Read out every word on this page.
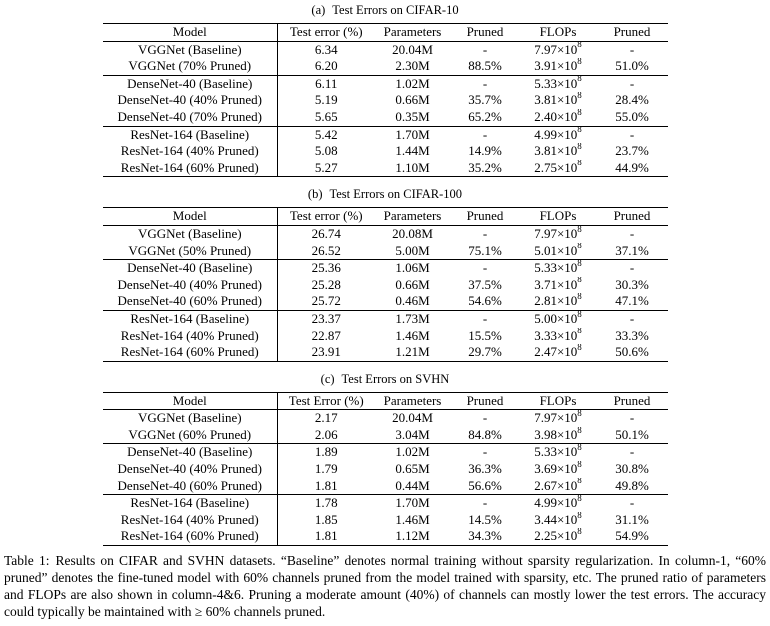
(a) Test Errors on CIFAR-10
Model	Test error (%)	Parameters	Pruned	FLOPs	Pruned
VGGNet (Baseline)	6.34	20.04M	-	$7.97\times 10^8$	-
VGGNet (70% Pruned)	6.20	2.30M	88.5%	$3.91\times 10^8$	51.0%
DenseNet-40 (Baseline)	6.11	1.02M	-	$5.33\times 10^8$	-
DenseNet-40 (40% Pruned)	5.19	0.66M	35.7%	$3.81\times 10^8$	28.4%
DenseNet-40 (70% Pruned)	5.65	0.35M	65.2%	$2.40\times 10^8$	55.0%
ResNet-164 (Baseline)	5.42	1.70M	-	$4.99\times 10^8$	-
ResNet-164 (40% Pruned)	5.08	1.44M	14.9%	$3.81\times 10^8$	23.7%
ResNet-164 (60% Pruned)	5.27	1.10M	35.2%	$2.75\times 10^8$	44.9%
(b) Test Errors on CIFAR-100
Model	Test error (%)	Parameters	Pruned	FLOPs	Pruned
VGGNet (Baseline)	26.74	20.08M	-	$7.97\times 10^8$	-
VGGNet (50% Pruned)	26.52	5.00M	75.1%	$5.01\times 10^8$	37.1%
DenseNet-40 (Baseline)	25.36	1.06M	-	$5.33\times 10^8$	-
DenseNet-40 (40% Pruned)	25.28	0.66M	37.5%	$3.71\times 10^8$	30.3%
DenseNet-40 (60% Pruned)	25.72	0.46M	54.6%	$2.81\times 10^8$	47.1%
ResNet-164 (Baseline)	23.37	1.73M	-	$5.00\times 10^8$	-
ResNet-164 (40% Pruned)	22.87	1.46M	15.5%	$3.33\times 10^8$	33.3%
ResNet-164 (60% Pruned)	23.91	1.21M	29.7%	$2.47\times 10^8$	50.6%
(c) Test Errors on SVHN
Model	Test Error (%)	Parameters	Pruned	FLOPs	Pruned
VGGNet (Baseline)	2.17	20.04M	-	$7.97\times 10^8$	-
VGGNet (60% Pruned)	2.06	3.04M	84.8%	$3.98\times 10^8$	50.1%
DenseNet-40 (Baseline)	1.89	1.02M	-	$5.33\times 10^8$	-
DenseNet-40 (40% Pruned)	1.79	0.65M	36.3%	$3.69\times 10^8$	30.8%
DenseNet-40 (60% Pruned)	1.81	0.44M	56.6%	$2.67\times 10^8$	49.8%
ResNet-164 (Baseline)	1.78	1.70M	-	$4.99\times 10^8$	-
ResNet-164 (40% Pruned)	1.85	1.46M	14.5%	$3.44\times 10^8$	31.1%
ResNet-164 (60% Pruned)	1.81	1.12M	34.3%	$2.25\times 10^8$	54.9%

Table 1: Results on CIFAR and SVHN datasets. “Baseline” denotes normal training without sparsity regularization. In column-1, “60% pruned” denotes the fine-tuned model with 60% channels pruned from the model trained with sparsity, etc. The pruned ratio of parameters and FLOPs are also shown in column-4&6. Pruning a moderate amount (40%) of channels can mostly lower the test errors. The accuracy could typically be maintained with ≥ 60% channels pruned.
